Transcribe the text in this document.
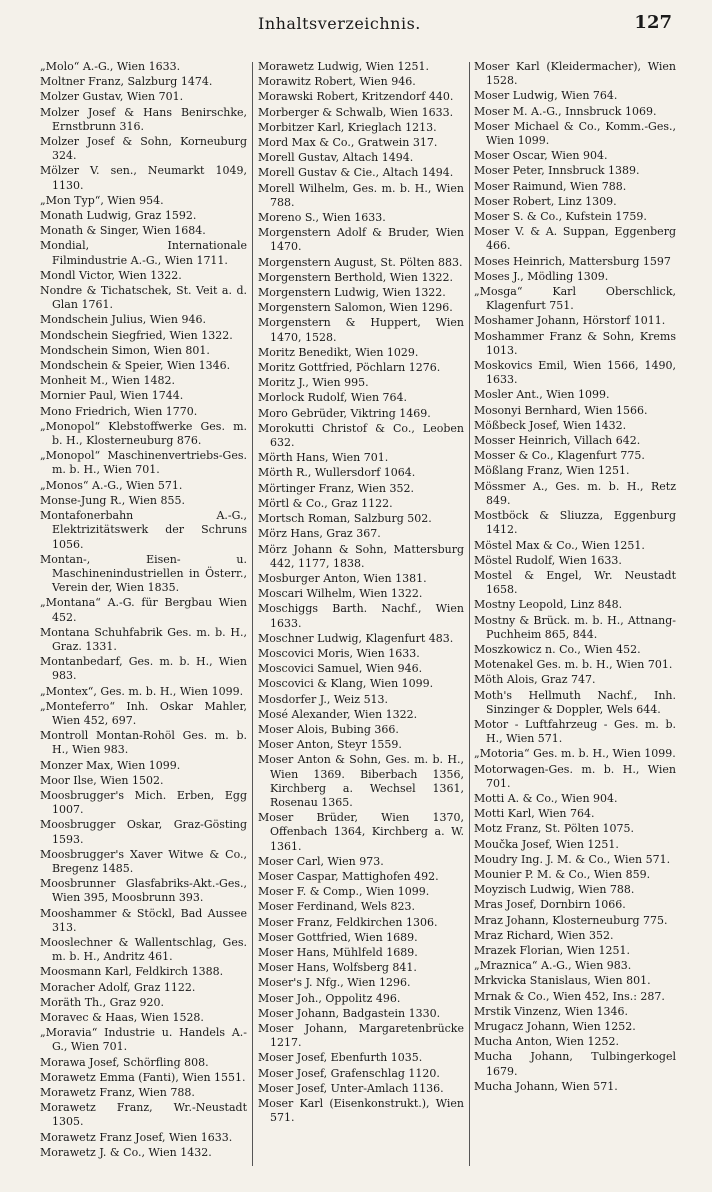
Inhaltsverzeichnis.	127
„Molo“ A.-G., Wien 1633.
Moltner Franz, Salzburg 1474.
Molzer Gustav, Wien 701.
Molzer Josef & Hans Benirschke, Ernstbrunn 316.
Molzer Josef & Sohn, Korneuburg 324.
Mölzer V. sen., Neumarkt 1049, 1130.
„Mon Typ“, Wien 954.
Monath Ludwig, Graz 1592.
Monath & Singer, Wien 1684.
Mondial, Internationale Filmindustrie A.-G., Wien 1711.
Mondl Victor, Wien 1322.
Nondre & Tichatschek, St. Veit a. d. Glan 1761.
Mondschein Julius, Wien 946.
Mondschein Siegfried, Wien 1322.
Mondschein Simon, Wien 801.
Mondschein & Speier, Wien 1346.
Monheit M., Wien 1482.
Mornier Paul, Wien 1744.
Mono Friedrich, Wien 1770.
„Monopol“ Klebstoffwerke Ges. m. b. H., Klosterneuburg 876.
„Monopol“ Maschinenvertriebs-Ges. m. b. H., Wien 701.
„Monos“ A.-G., Wien 571.
Monse-Jung R., Wien 855.
Montafonerbahn A.-G., Elektrizitätswerk der Schruns 1056.
Montan-, Eisen- u. Maschinenindustriellen in Österr., Verein der, Wien 1835.
„Montana“ A.-G. für Bergbau Wien 452.
Montana Schuhfabrik Ges. m. b. H., Graz. 1331.
Montanbedarf, Ges. m. b. H., Wien 983.
„Montex“, Ges. m. b. H., Wien 1099.
„Monteferro“ Inh. Oskar Mahler, Wien 452, 697.
Montroll Montan-Rohöl Ges. m. b. H., Wien 983.
Monzer Max, Wien 1099.
Moor Ilse, Wien 1502.
Moosbrugger's Mich. Erben, Egg 1007.
Moosbrugger Oskar, Graz-Gösting 1593.
Moosbrugger's Xaver Witwe & Co., Bregenz 1485.
Moosbrunner Glasfabriks-Akt.-Ges., Wien 395, Moosbrunn 393.
Mooshammer & Stöckl, Bad Aussee 313.
Mooslechner & Wallentschlag, Ges. m. b. H., Andritz 461.
Moosmann Karl, Feldkirch 1388.
Moracher Adolf, Graz 1122.
Moräth Th., Graz 920.
Moravec & Haas, Wien 1528.
„Moravia“ Industrie u. Handels A.-G., Wien 701.
Morawa Josef, Schörfling 808.
Morawetz Emma (Fanti), Wien 1551.
Morawetz Franz, Wien 788.
Morawetz Franz, Wr.-Neustadt 1305.
Morawetz Franz Josef, Wien 1633.
Morawetz J. & Co., Wien 1432.
Morawetz Ludwig, Wien 1251.
Morawitz Robert, Wien 946.
Morawski Robert, Kritzendorf 440.
Morberger & Schwalb, Wien 1633.
Morbitzer Karl, Krieglach 1213.
Mord Max & Co., Gratwein 317.
Morell Gustav, Altach 1494.
Morell Gustav & Cie., Altach 1494.
Morell Wilhelm, Ges. m. b. H., Wien 788.
Moreno S., Wien 1633.
Morgenstern Adolf & Bruder, Wien 1470.
Morgenstern August, St. Pölten 883.
Morgenstern Berthold, Wien 1322.
Morgenstern Ludwig, Wien 1322.
Morgenstern Salomon, Wien 1296.
Morgenstern & Huppert, Wien 1470, 1528.
Moritz Benedikt, Wien 1029.
Moritz Gottfried, Pöchlarn 1276.
Moritz J., Wien 995.
Morlock Rudolf, Wien 764.
Moro Gebrüder, Viktring 1469.
Morokutti Christof & Co., Leoben 632.
Mörth Hans, Wien 701.
Mörth R., Wullersdorf 1064.
Mörtinger Franz, Wien 352.
Mörtl & Co., Graz 1122.
Mortsch Roman, Salzburg 502.
Mörz Hans, Graz 367.
Mörz Johann & Sohn, Mattersburg 442, 1177, 1838.
Mosburger Anton, Wien 1381.
Moscari Wilhelm, Wien 1322.
Moschiggs Barth. Nachf., Wien 1633.
Moschner Ludwig, Klagenfurt 483.
Moscovici Moris, Wien 1633.
Moscovici Samuel, Wien 946.
Moscovici & Klang, Wien 1099.
Mosdorfer J., Weiz 513.
Mosé Alexander, Wien 1322.
Moser Alois, Bubing 366.
Moser Anton, Steyr 1559.
Moser Anton & Sohn, Ges. m. b. H., Wien 1369. Biberbach 1356, Kirchberg a. Wechsel 1361, Rosenau 1365.
Moser Brüder, Wien 1370, Offenbach 1364, Kirchberg a. W. 1361.
Moser Carl, Wien 973.
Moser Caspar, Mattighofen 492.
Moser F. & Comp., Wien 1099.
Moser Ferdinand, Wels 823.
Moser Franz, Feldkirchen 1306.
Moser Gottfried, Wien 1689.
Moser Hans, Mühlfeld 1689.
Moser Hans, Wolfsberg 841.
Moser's J. Nfg., Wien 1296.
Moser Joh., Oppolitz 496.
Moser Johann, Badgastein 1330.
Moser Johann, Margaretenbrücke 1217.
Moser Josef, Ebenfurth 1035.
Moser Josef, Grafenschlag 1120.
Moser Josef, Unter-Amlach 1136.
Moser Karl (Eisenkonstrukt.), Wien 571.
Moser Karl (Kleidermacher), Wien 1528.
Moser Ludwig, Wien 764.
Moser M. A.-G., Innsbruck 1069.
Moser Michael & Co., Komm.-Ges., Wien 1099.
Moser Oscar, Wien 904.
Moser Peter, Innsbruck 1389.
Moser Raimund, Wien 788.
Moser Robert, Linz 1309.
Moser S. & Co., Kufstein 1759.
Moser V. & A. Suppan, Eggenberg 466.
Moses Heinrich, Mattersburg 1597
Moses J., Mödling 1309.
„Mosga“ Karl Oberschlick, Klagenfurt 751.
Moshamer Johann, Hörstorf 1011.
Moshammer Franz & Sohn, Krems 1013.
Moskovics Emil, Wien 1566, 1490, 1633.
Mosler Ant., Wien 1099.
Mosonyi Bernhard, Wien 1566.
Mößbeck Josef, Wien 1432.
Mosser Heinrich, Villach 642.
Mosser & Co., Klagenfurt 775.
Mößlang Franz, Wien 1251.
Mössmer A., Ges. m. b. H., Retz 849.
Mostböck & Sliuzza, Eggenburg 1412.
Möstel Max & Co., Wien 1251.
Möstel Rudolf, Wien 1633.
Mostel & Engel, Wr. Neustadt 1658.
Mostny Leopold, Linz 848.
Mostny & Brück. m. b. H., Attnang-Puchheim 865, 844.
Moszkowicz n. Co., Wien 452.
Motenakel Ges. m. b. H., Wien 701.
Möth Alois, Graz 747.
Moth's Hellmuth Nachf., Inh. Sinzinger & Doppler, Wels 644.
Motor - Luftfahrzeug - Ges. m. b. H., Wien 571.
„Motoria“ Ges. m. b. H., Wien 1099.
Motorwagen-Ges. m. b. H., Wien 701.
Motti A. & Co., Wien 904.
Motti Karl, Wien 764.
Motz Franz, St. Pölten 1075.
Moučka Josef, Wien 1251.
Moudry Ing. J. M. & Co., Wien 571.
Mounier P. M. & Co., Wien 859.
Moyzisch Ludwig, Wien 788.
Mras Josef, Dornbirn 1066.
Mraz Johann, Klosterneuburg 775.
Mraz Richard, Wien 352.
Mrazek Florian, Wien 1251.
„Mraznica“ A.-G., Wien 983.
Mrkvicka Stanislaus, Wien 801.
Mrnak & Co., Wien 452, Ins.: 287.
Mrstik Vinzenz, Wien 1346.
Mrugacz Johann, Wien 1252.
Mucha Anton, Wien 1252.
Mucha Johann, Tulbingerkogel 1679.
Mucha Johann, Wien 571.
